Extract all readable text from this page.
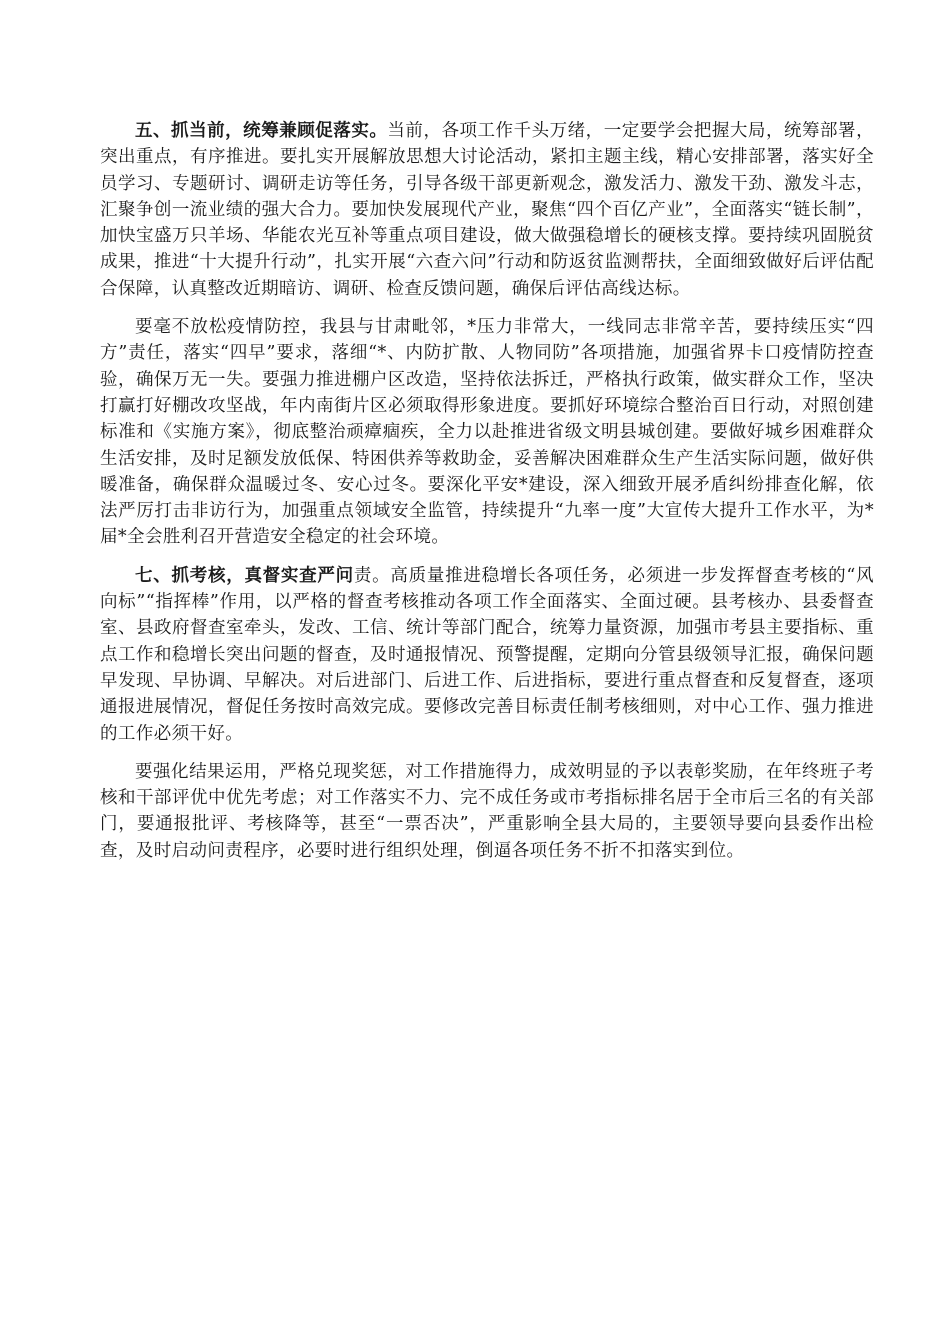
五、抓当前，统筹兼顾促落实。当前，各项工作千头万绪，一定要学会把握大局，统筹部署，突出重点，有序推进。要扎实开展解放思想大讨论活动，紧扣主题主线，精心安排部署，落实好全员学习、专题研讨、调研走访等任务，引导各级干部更新观念，激发活力、激发干劲、激发斗志，汇聚争创一流业绩的强大合力。要加快发展现代产业，聚焦“四个百亿产业”，全面落实“链长制”，加快宝盛万只羊场、华能农光互补等重点项目建设，做大做强稳增长的硬核支撑。要持续巩固脱贫成果，推进“十大提升行动”，扎实开展“六查六问”行动和防返贫监测帮扶，全面细致做好后评估配合保障，认真整改近期暗访、调研、检查反馈问题，确保后评估高线达标。

要毫不放松疫情防控，我县与甘肃毗邻，*压力非常大，一线同志非常辛苦，要持续压实“四方”责任，落实“四早”要求，落细“*、内防扩散、人物同防”各项措施，加强省界卡口疫情防控查验，确保万无一失。要强力推进棚户区改造，坚持依法拆迁，严格执行政策，做实群众工作，坚决打赢打好棚改攻坚战，年内南街片区必须取得形象进度。要抓好环境综合整治百日行动，对照创建标准和《实施方案》，彻底整治顽瘴痼疾，全力以赴推进省级文明县城创建。要做好城乡困难群众生活安排，及时足额发放低保、特困供养等救助金，妥善解决困难群众生产生活实际问题，做好供暖准备，确保群众温暖过冬、安心过冬。要深化平安*建设，深入细致开展矛盾纠纷排查化解，依法严厉打击非访行为，加强重点领域安全监管，持续提升“九率一度”大宣传大提升工作水平，为*届*全会胜利召开营造安全稳定的社会环境。

七、抓考核，真督实查严问责。高质量推进稳增长各项任务，必须进一步发挥督查考核的“风向标”“指挥棒”作用，以严格的督查考核推动各项工作全面落实、全面过硬。县考核办、县委督查室、县政府督查室牵头，发改、工信、统计等部门配合，统筹力量资源，加强市考县主要指标、重点工作和稳增长突出问题的督查，及时通报情况、预警提醒，定期向分管县级领导汇报，确保问题早发现、早协调、早解决。对后进部门、后进工作、后进指标，要进行重点督查和反复督查，逐项通报进展情况，督促任务按时高效完成。要修改完善目标责任制考核细则，对中心工作、强力推进的工作必须干好。

要强化结果运用，严格兑现奖惩，对工作措施得力，成效明显的予以表彰奖励，在年终班子考核和干部评优中优先考虑；对工作落实不力、完不成任务或市考指标排名居于全市后三名的有关部门，要通报批评、考核降等，甚至“一票否决”，严重影响全县大局的，主要领导要向县委作出检查，及时启动问责程序，必要时进行组织处理，倒逼各项任务不折不扣落实到位。
